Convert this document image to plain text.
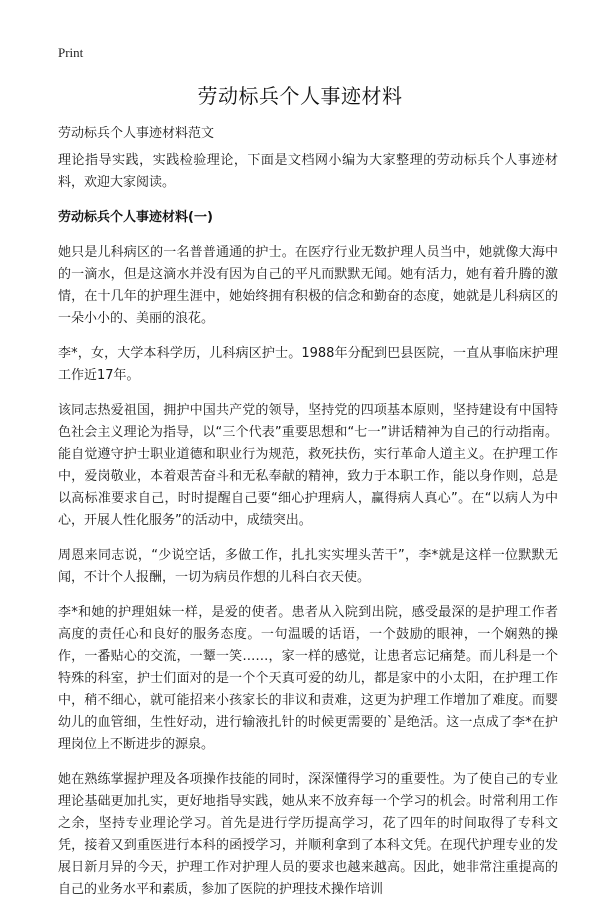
Print
劳动标兵个人事迹材料
劳动标兵个人事迹材料范文

理论指导实践，实践检验理论，下面是文档网小编为大家整理的劳动标兵个人事迹材料，欢迎大家阅读。

劳动标兵个人事迹材料(一)

她只是儿科病区的一名普普通通的护士。在医疗行业无数护理人员当中，她就像大海中的一滴水，但是这滴水并没有因为自己的平凡而默默无闻。她有活力，她有着升腾的激情，在十几年的护理生涯中，她始终拥有积极的信念和勤奋的态度，她就是儿科病区的一朵小小的、美丽的浪花。

李*，女，大学本科学历，儿科病区护士。1988年分配到巴县医院，一直从事临床护理工作近17年。

该同志热爱祖国，拥护中国共产党的领导，坚持党的四项基本原则，坚持建设有中国特色社会主义理论为指导，以“三个代表”重要思想和“七一”讲话精神为自己的行动指南。能自觉遵守护士职业道德和职业行为规范，救死扶伤，实行革命人道主义。在护理工作中，爱岗敬业，本着艰苦奋斗和无私奉献的精神，致力于本职工作，能以身作则，总是以高标准要求自己，时时提醒自己要“细心护理病人，赢得病人真心”。在“以病人为中心，开展人性化服务”的活动中，成绩突出。

周恩来同志说，“少说空话，多做工作，扎扎实实埋头苦干”，李*就是这样一位默默无闻，不计个人报酬，一切为病员作想的儿科白衣天使。

李*和她的护理姐妹一样，是爱的使者。患者从入院到出院，感受最深的是护理工作者高度的责任心和良好的服务态度。一句温暖的话语，一个鼓励的眼神，一个娴熟的操作，一番贴心的交流，一颦一笑……，家一样的感觉，让患者忘记痛楚。而儿科是一个特殊的科室，护士们面对的是一个个天真可爱的幼儿，都是家中的小太阳，在护理工作中，稍不细心，就可能招来小孩家长的非议和责难，这更为护理工作增加了难度。而婴幼儿的血管细，生性好动，进行输液扎针的时候更需要的`是绝活。这一点成了李*在护理岗位上不断进步的源泉。

她在熟练掌握护理及各项操作技能的同时，深深懂得学习的重要性。为了使自己的专业理论基础更加扎实，更好地指导实践，她从来不放弃每一个学习的机会。时常利用工作之余，坚持专业理论学习。首先是进行学历提高学习，花了四年的时间取得了专科文凭，接着又到重医进行本科的函授学习，并顺利拿到了本科文凭。在现代护理专业的发展日新月异的今天，护理工作对护理人员的要求也越来越高。因此，她非常注重提高的自己的业务水平和素质，参加了医院的护理技术操作培训
